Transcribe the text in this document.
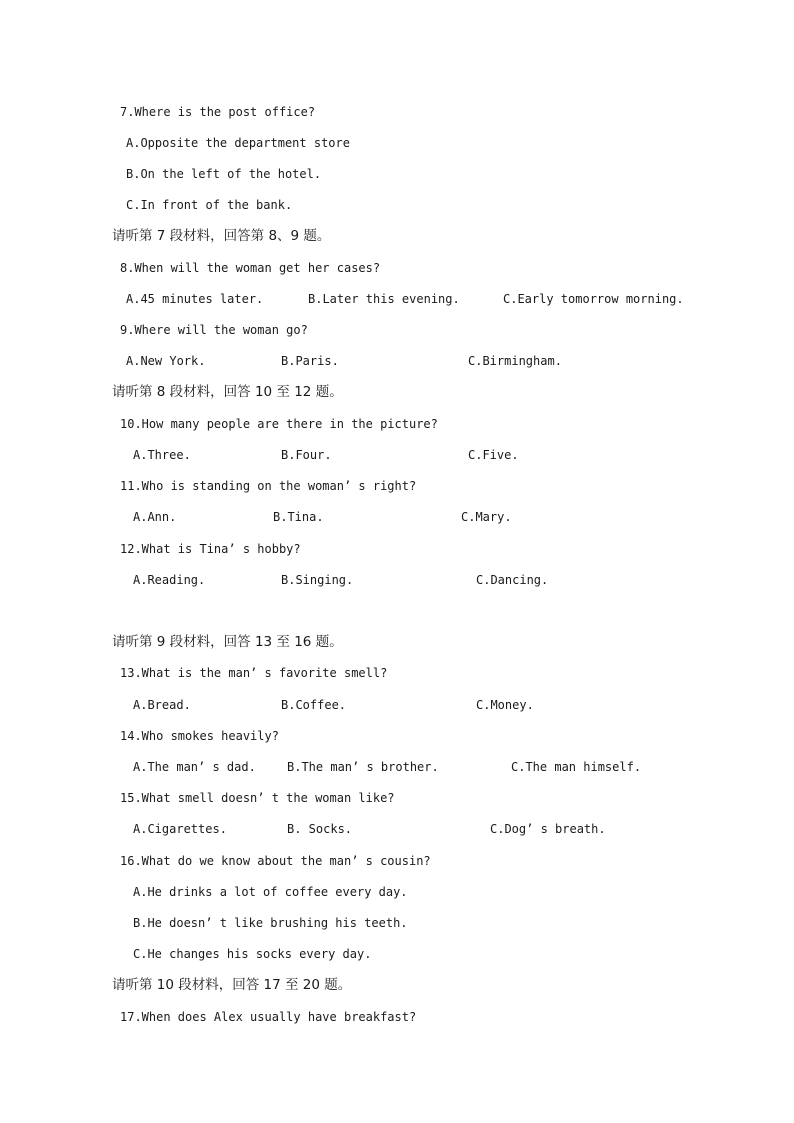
7.Where is the post office?
A.Opposite the department store
B.On the left of the hotel.
C.In front of the bank.
请听第 7 段材料，回答第 8、9 题。
8.When will the woman get her cases?
A.45 minutes later.	B.Later this evening.	C.Early tomorrow morning.
9.Where will the woman go?
A.New York.	B.Paris.	C.Birmingham.
请听第 8 段材料，回答 10 至 12 题。
10.How many people are there in the picture?
A.Three.	B.Four.	C.Five.
11.Who is standing on the woman’ s right?
A.Ann.	B.Tina.	C.Mary.
12.What is Tina’ s hobby?
A.Reading.	B.Singing.	C.Dancing.
请听第 9 段材料，回答 13 至 16 题。
13.What is the man’ s favorite smell?
A.Bread.	B.Coffee.	C.Money.
14.Who smokes heavily?
A.The man’ s dad.	B.The man’ s brother.	C.The man himself.
15.What smell doesn’ t the woman like?
A.Cigarettes.	B. Socks.	C.Dog’ s breath.
16.What do we know about the man’ s cousin?
A.He drinks a lot of coffee every day.
B.He doesn’ t like brushing his teeth.
C.He changes his socks every day.
请听第 10 段材料，回答 17 至 20 题。
17.When does Alex usually have breakfast?
